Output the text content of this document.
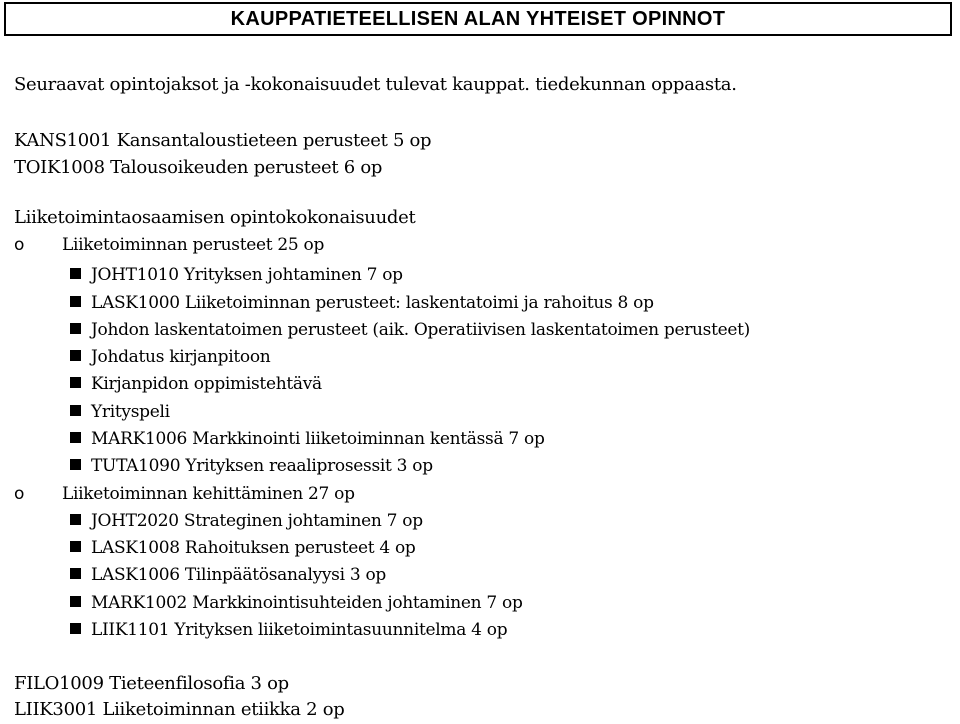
KAUPPATIETEELLISEN ALAN YHTEISET OPINNOT
Seuraavat opintojaksot ja -kokonaisuudet tulevat kauppat. tiedekunnan oppaasta.
KANS1001 Kansantaloustieteen perusteet 5 op
TOIK1008 Talousoikeuden perusteet 6 op
Liiketoimintaosaamisen opintokokonaisuudet
o Liiketoiminnan perusteet 25 op
JOHT1010 Yrityksen johtaminen 7 op
LASK1000 Liiketoiminnan perusteet: laskentatoimi ja rahoitus 8 op
Johdon laskentatoimen perusteet (aik. Operatiivisen laskentatoimen perusteet)
Johdatus kirjanpitoon
Kirjanpidon oppimistehtävä
Yrityspeli
MARK1006 Markkinointi liiketoiminnan kentässä 7 op
TUTA1090 Yrityksen reaaliprosessit 3 op
o Liiketoiminnan kehittäminen 27 op
JOHT2020 Strateginen johtaminen 7 op
LASK1008 Rahoituksen perusteet 4 op
LASK1006 Tilinpäätösanalyysi 3 op
MARK1002 Markkinointisuhteiden johtaminen 7 op
LIIK1101 Yrityksen liiketoimintasuunnitelma 4 op
FILO1009 Tieteenfilosofia 3 op
LIIK3001 Liiketoiminnan etiikka 2 op
